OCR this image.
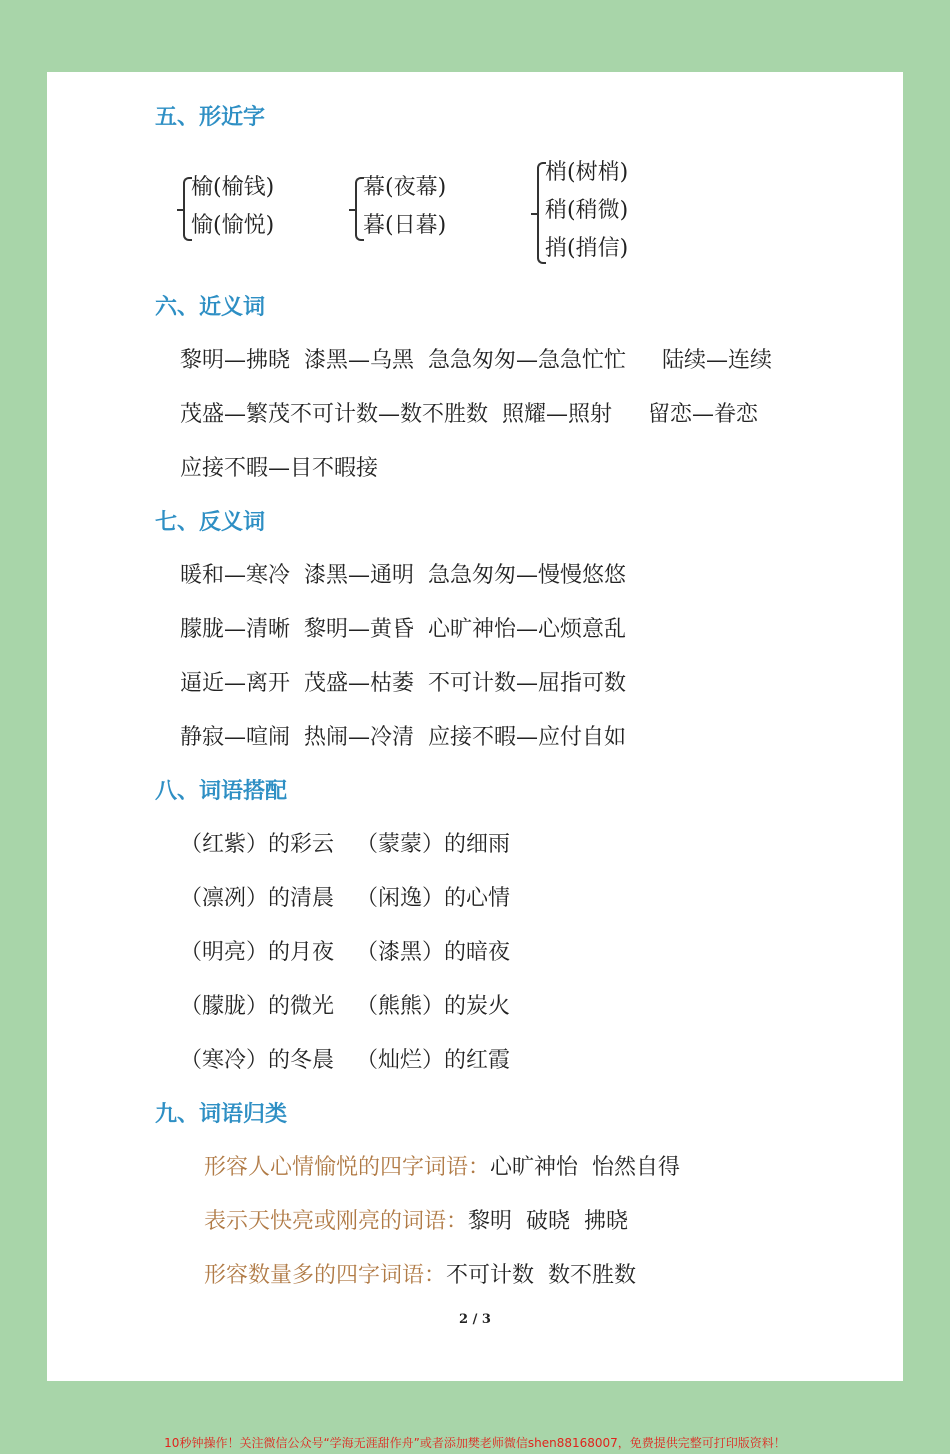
五、形近字
榆(榆钱)
愉(愉悦)
幕(夜幕)
暮(日暮)
梢(树梢)
稍(稍微)
捎(捎信)
六、近义词
黎明—拂晓 漆黑—乌黑 急急匆匆—急急忙忙 陆续—连续
茂盛—繁茂不可计数—数不胜数 照耀—照射 留恋—眷恋
应接不暇—目不暇接
七、反义词
暖和—寒冷 漆黑—通明 急急匆匆—慢慢悠悠
朦胧—清晰 黎明—黄昏 心旷神怡—心烦意乱
逼近—离开 茂盛—枯萎 不可计数—屈指可数
静寂—喧闹 热闹—冷清 应接不暇—应付自如
八、词语搭配
（红紫）的彩云 （蒙蒙）的细雨
（凛冽）的清晨 （闲逸）的心情
（明亮）的月夜 （漆黑）的暗夜
（朦胧）的微光 （熊熊）的炭火
（寒冷）的冬晨 （灿烂）的红霞
九、词语归类
形容人心情愉悦的四字词语：心旷神怡 怡然自得
表示天快亮或刚亮的词语：黎明 破晓 拂晓
形容数量多的四字词语：不可计数 数不胜数
2 / 3
10秒钟操作！关注微信公众号“学海无涯甜作舟”或者添加樊老师微信shen88168007，免费提供完整可打印版资料！
